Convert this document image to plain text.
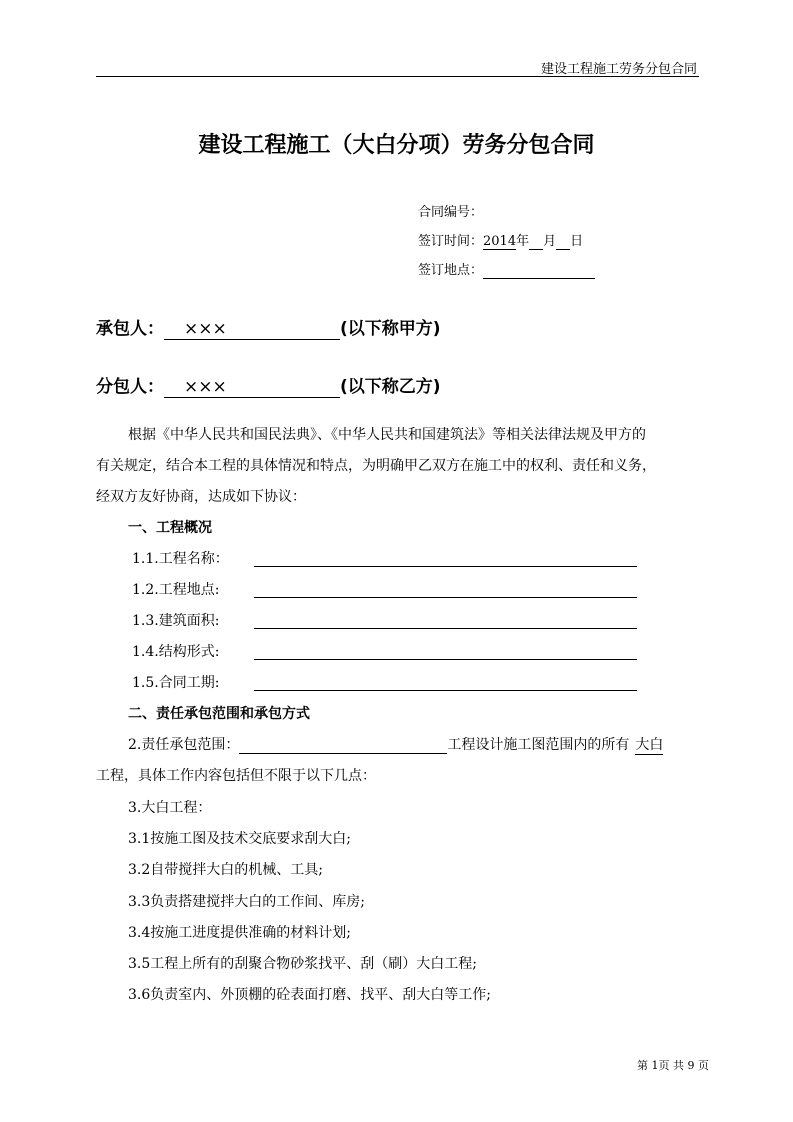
建设工程施工劳务分包合同
建设工程施工（大白分项）劳务分包合同
合同编号：
签订时间：2014年 月 日
签订地点：
承包人： ×××	(以下称甲方)
分包人： ×××	(以下称乙方)
根据《中华人民共和国民法典》、《中华人民共和国建筑法》等相关法律法规及甲方的
有关规定，结合本工程的具体情况和特点，为明确甲乙双方在施工中的权利、责任和义务，
经双方友好协商，达成如下协议：
一、工程概况
1.1.工程名称：
1.2.工程地点:
1.3.建筑面积:
1.4.结构形式:
1.5.合同工期:
二、责任承包范围和承包方式
2.责任承包范围：	工程设计施工图范围内的所有 大白
工程，具体工作内容包括但不限于以下几点：
3.大白工程：
3.1按施工图及技术交底要求刮大白;
3.2自带搅拌大白的机械、工具;
3.3负责搭建搅拌大白的工作间、库房;
3.4按施工进度提供准确的材料计划;
3.5工程上所有的刮聚合物砂浆找平、刮（刷）大白工程;
3.6负责室内、外顶棚的砼表面打磨、找平、刮大白等工作;
第 1页 共 9 页
